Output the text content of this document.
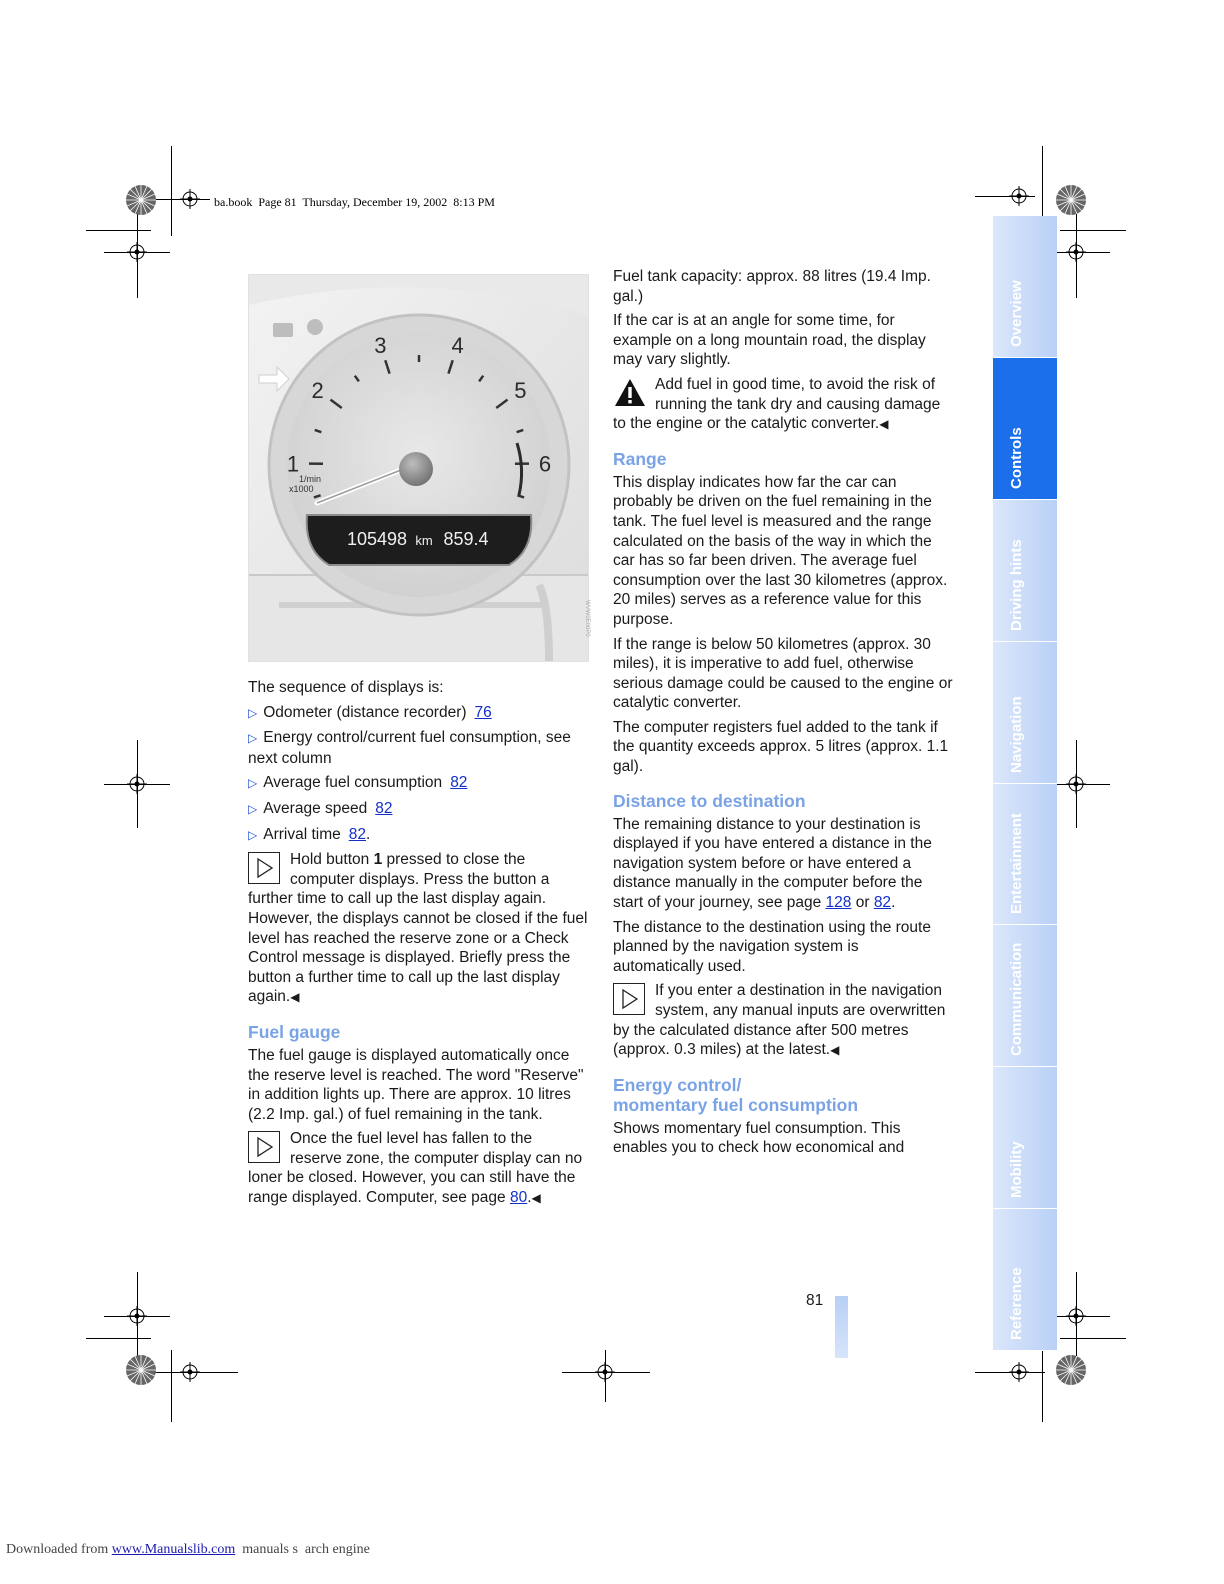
ba.book  Page 81  Thursday, December 19, 2002  8:13 PM
1
2
3	4
5
6
1/min
x1000
105498 km 859.4
WVW0E00P0

The sequence of displays is:

▷ Odometer (distance recorder) 76
▷ Energy control/current fuel consumption, see next column
▷ Average fuel consumption 82
▷ Average speed 82
▷ Arrival time 82.
Hold button 1 pressed to close the computer displays. Press the button a further time to call up the last display again. However, the displays cannot be closed if the fuel level has reached the reserve zone or a Check Control message is displayed. Briefly press the button a further time to call up the last display again.◀
Fuel gauge

The fuel gauge is displayed automatically once the reserve level is reached. The word "Reserve" in addition lights up. There are approx. 10 litres (2.2 Imp. gal.) of fuel remaining in the tank.

Once the fuel level has fallen to the reserve zone, the computer display can no loner be closed. However, you can still have the range displayed. Computer, see page 80.◀

Fuel tank capacity: approx. 88 litres (19.4 Imp. gal.)

If the car is at an angle for some time, for example on a long mountain road, the display may vary slightly.

Add fuel in good time, to avoid the risk of running the tank dry and causing damage to the engine or the catalytic converter.◀
Range

This display indicates how far the car can probably be driven on the fuel remaining in the tank. The fuel level is measured and the range calculated on the basis of the way in which the car has so far been driven. The average fuel consumption over the last 30 kilometres (approx. 20 miles) serves as a reference value for this purpose.

If the range is below 50 kilometres (approx. 30 miles), it is imperative to add fuel, otherwise serious damage could be caused to the engine or catalytic converter.

The computer registers fuel added to the tank if the quantity exceeds approx. 5 litres (approx. 1.1 gal).

Distance to destination

The remaining distance to your destination is displayed if you have entered a distance in the navigation system before or have entered a distance manually in the computer before the start of your journey, see page 128 or 82.

The distance to the destination using the route planned by the navigation system is automatically used.

If you enter a destination in the navigation system, any manual inputs are overwritten by the calculated distance after 500 metres (approx. 0.3 miles) at the latest.◀
Energy control/
momentary fuel consumption

Shows momentary fuel consumption. This enables you to check how economical and

81
Overview
Controls
Driving hints
Navigation
Entertainment
Communication
Mobility
Reference
Downloaded from www.Manualslib.com  manuals s  arch engine
